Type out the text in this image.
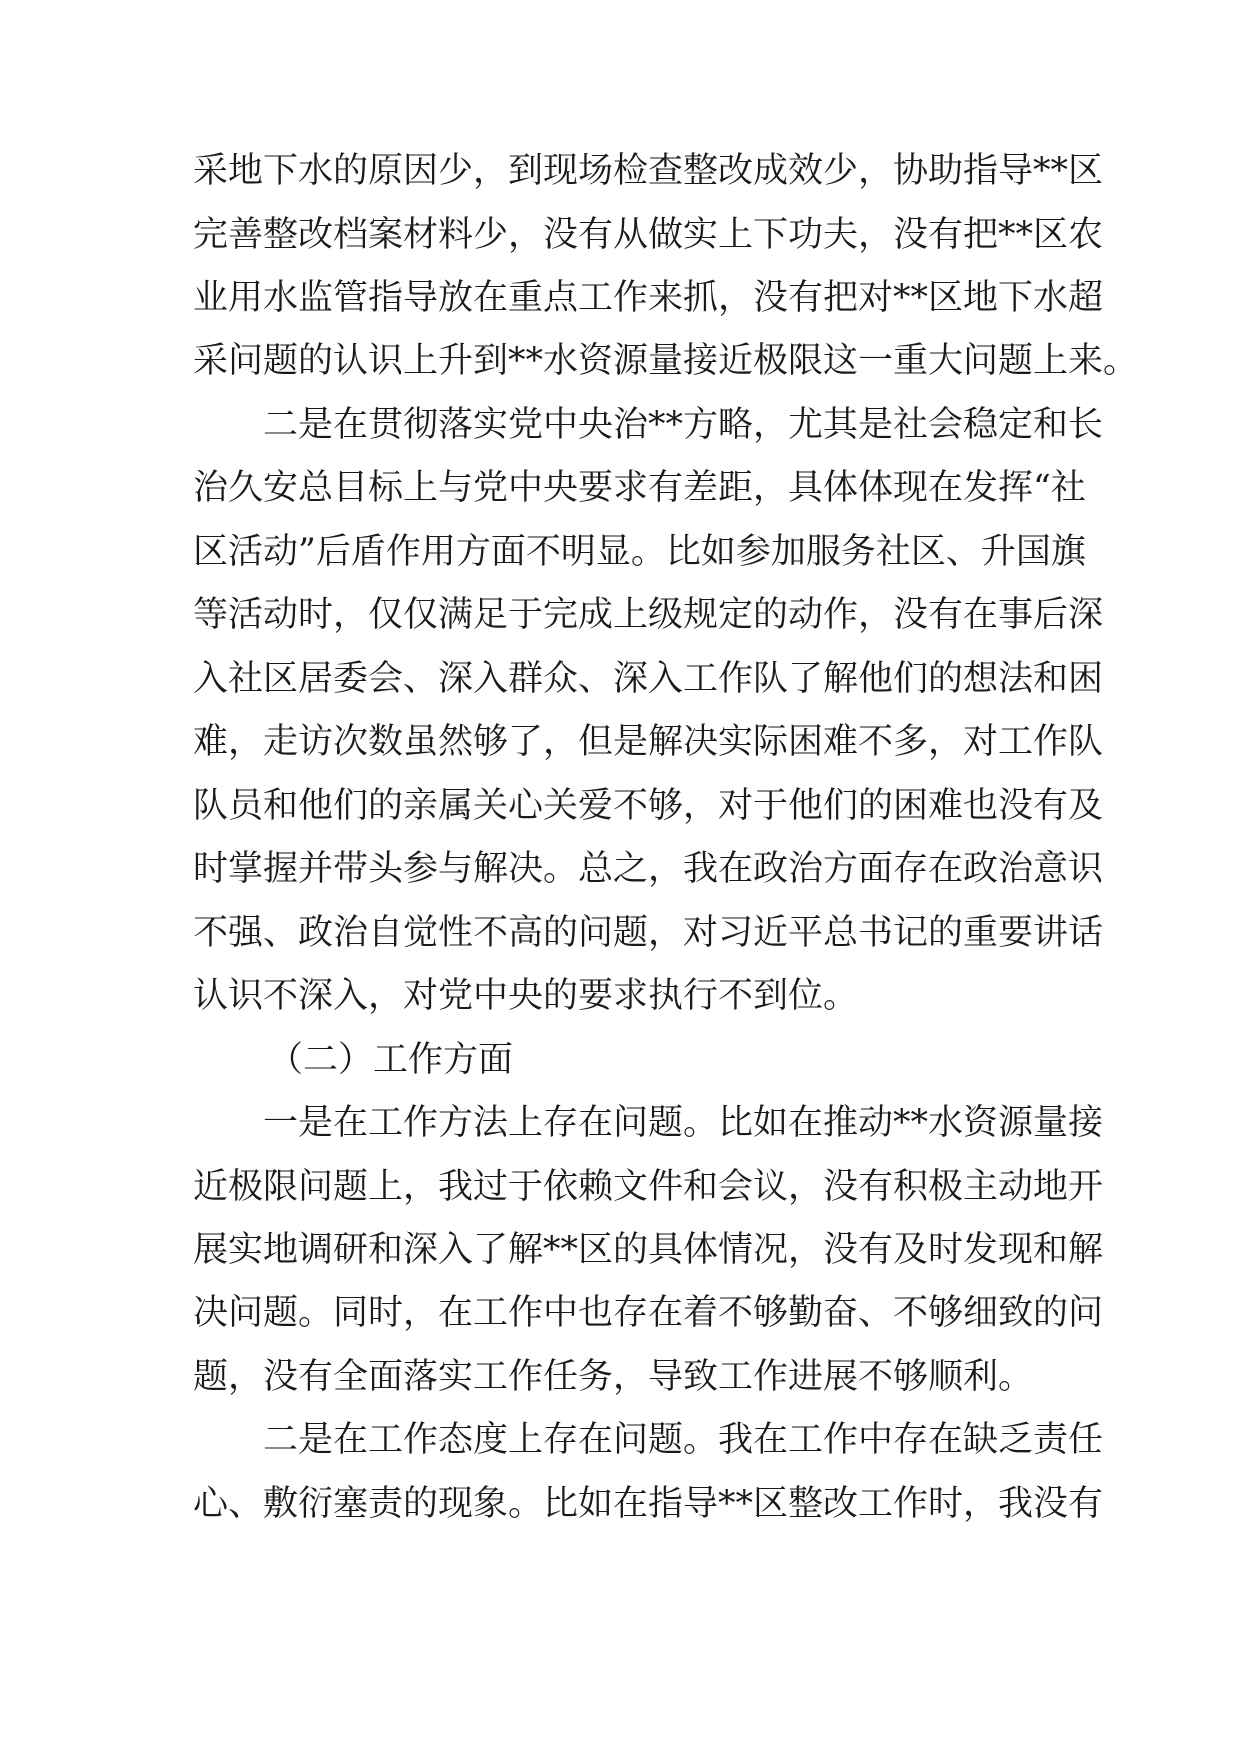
采地下水的原因少，到现场检查整改成效少，协助指导**区
完善整改档案材料少，没有从做实上下功夫，没有把**区农
业用水监管指导放在重点工作来抓，没有把对**区地下水超
采问题的认识上升到**水资源量接近极限这一重大问题上来。
二是在贯彻落实党中央治**方略，尤其是社会稳定和长
治久安总目标上与党中央要求有差距，具体体现在发挥“社
区活动”后盾作用方面不明显。比如参加服务社区、升国旗
等活动时，仅仅满足于完成上级规定的动作，没有在事后深
入社区居委会、深入群众、深入工作队了解他们的想法和困
难，走访次数虽然够了，但是解决实际困难不多，对工作队
队员和他们的亲属关心关爱不够，对于他们的困难也没有及
时掌握并带头参与解决。总之，我在政治方面存在政治意识
不强、政治自觉性不高的问题，对习近平总书记的重要讲话
认识不深入，对党中央的要求执行不到位。
（二）工作方面
一是在工作方法上存在问题。比如在推动**水资源量接
近极限问题上，我过于依赖文件和会议，没有积极主动地开
展实地调研和深入了解**区的具体情况，没有及时发现和解
决问题。同时，在工作中也存在着不够勤奋、不够细致的问
题，没有全面落实工作任务，导致工作进展不够顺利。
二是在工作态度上存在问题。我在工作中存在缺乏责任
心、敷衍塞责的现象。比如在指导**区整改工作时，我没有
